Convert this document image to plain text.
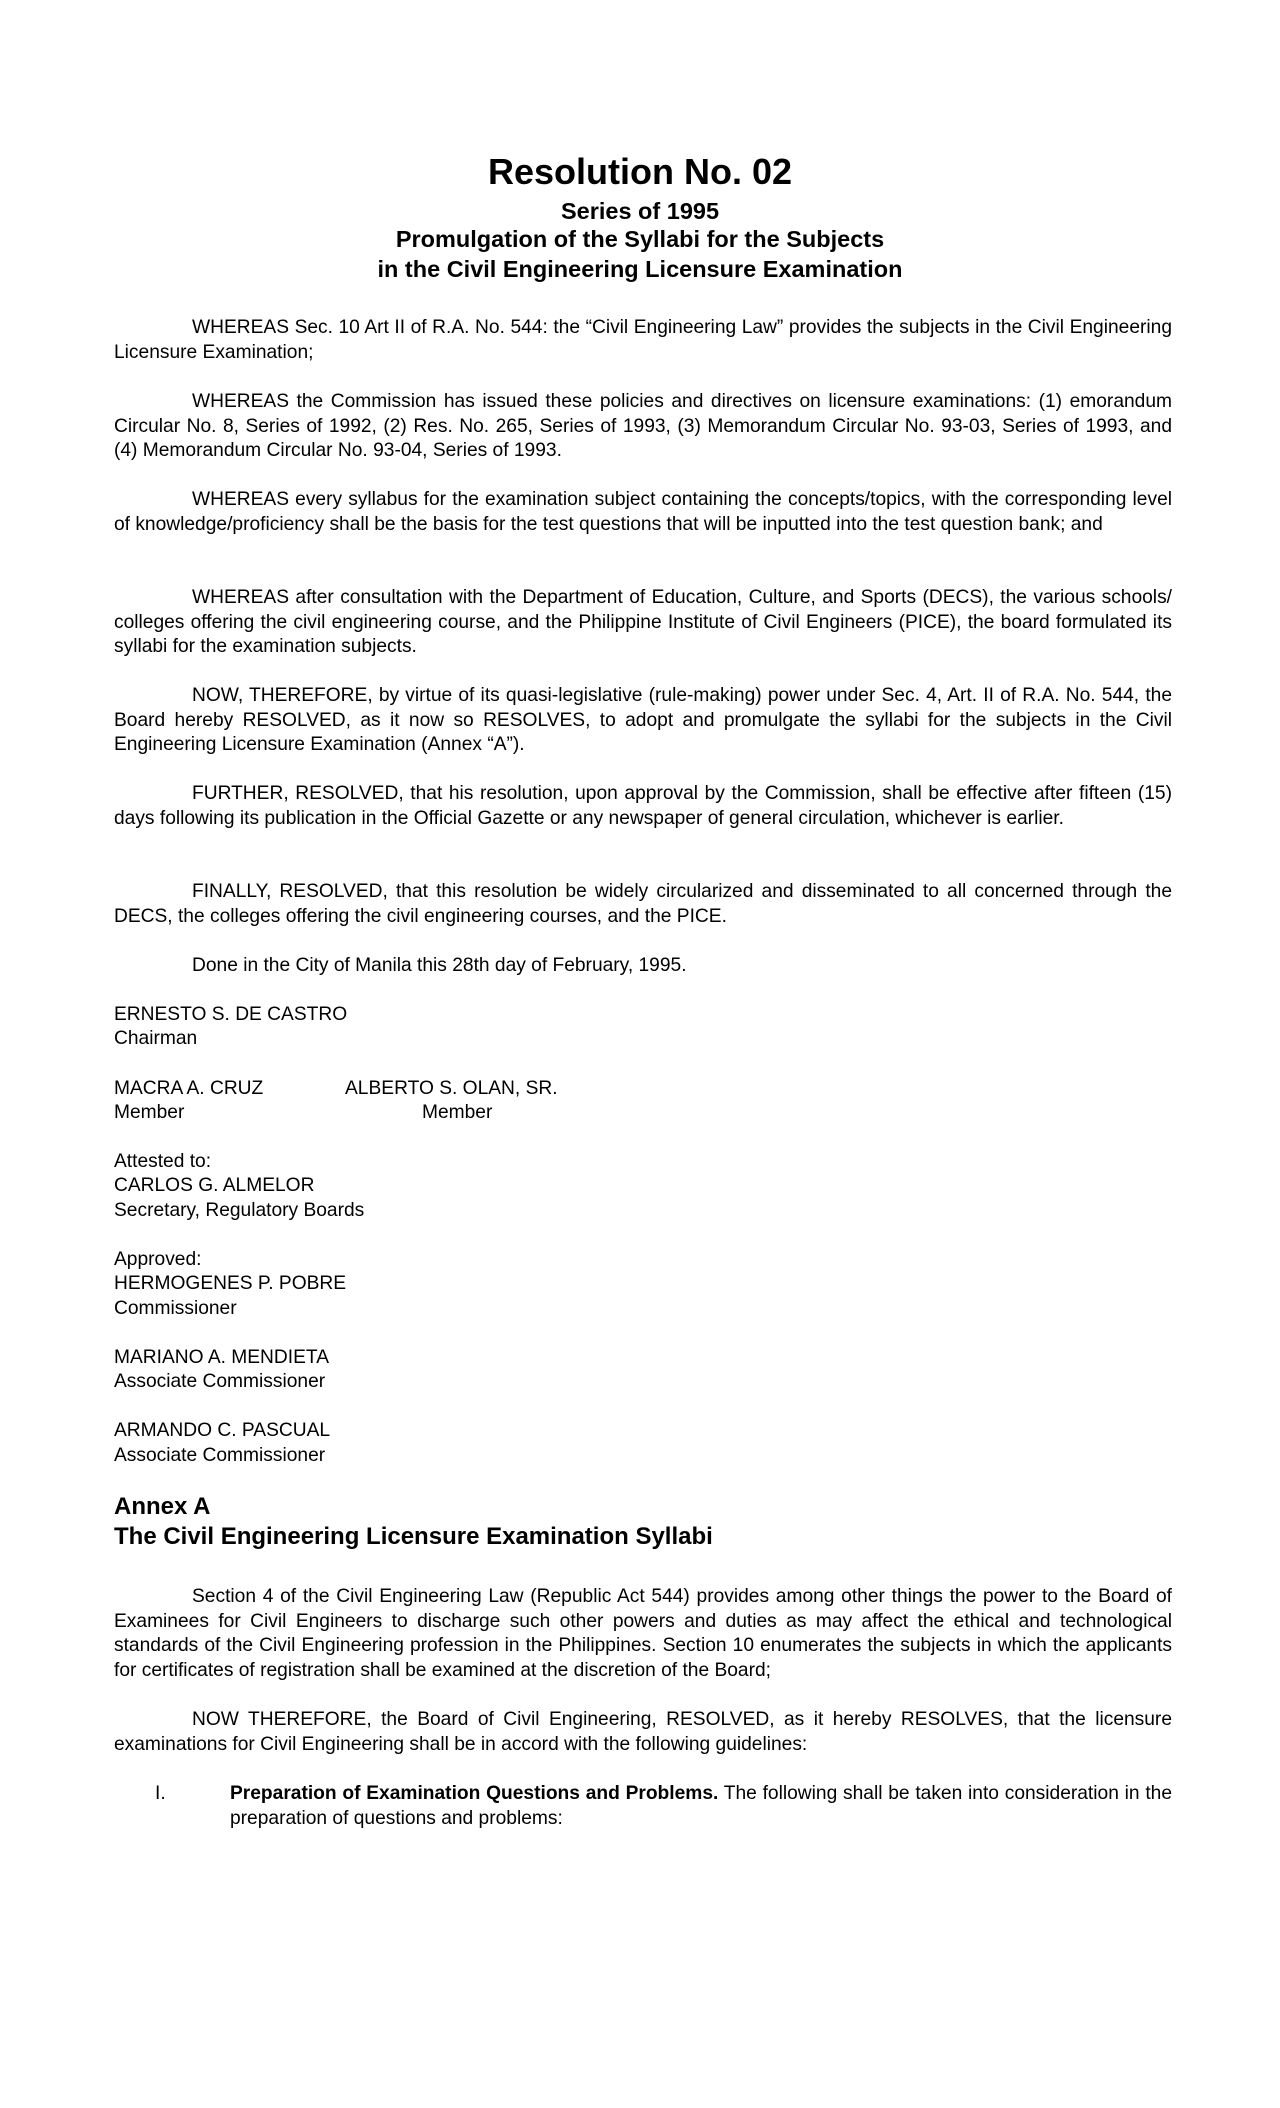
Resolution No. 02
Series of 1995
Promulgation of the Syllabi for the Subjects
in the Civil Engineering Licensure Examination

WHEREAS Sec. 10 Art II of R.A. No. 544: the “Civil Engineering Law” provides the subjects in the Civil Engineering Licensure Examination;

WHEREAS the Commission has issued these policies and directives on licensure examinations: (1) emorandum Circular No. 8, Series of 1992, (2) Res. No. 265, Series of 1993, (3) Memorandum Circular No. 93-03, Series of 1993, and (4) Memorandum Circular No. 93-04, Series of 1993.

WHEREAS every syllabus for the examination subject containing the concepts/topics, with the corresponding level of knowledge/proficiency shall be the basis for the test questions that will be inputted into the test question bank; and

WHEREAS after consultation with the Department of Education, Culture, and Sports (DECS), the various schools/ colleges offering the civil engineering course, and the Philippine Institute of Civil Engineers (PICE), the board formulated its syllabi for the examination subjects.

NOW, THEREFORE, by virtue of its quasi-legislative (rule-making) power under Sec. 4, Art. II of R.A. No. 544, the Board hereby RESOLVED, as it now so RESOLVES, to adopt and promulgate the syllabi for the subjects in the Civil Engineering Licensure Examination (Annex “A”).

FURTHER, RESOLVED, that his resolution, upon approval by the Commission, shall be effective after fifteen (15) days following its publication in the Official Gazette or any newspaper of general circulation, whichever is earlier.

FINALLY, RESOLVED, that this resolution be widely circularized and disseminated to all concerned through the DECS, the colleges offering the civil engineering courses, and the PICE.

Done in the City of Manila this 28th day of February, 1995.

ERNESTO S. DE CASTRO
Chairman
MACRA A. CRUZ
Member
ALBERTO S. OLAN, SR.
Member
Attested to:
CARLOS G. ALMELOR
Secretary, Regulatory Boards
Approved:
HERMOGENES P. POBRE
Commissioner
MARIANO A. MENDIETA
Associate Commissioner
ARMANDO C. PASCUAL
Associate Commissioner
Annex A
The Civil Engineering Licensure Examination Syllabi

Section 4 of the Civil Engineering Law (Republic Act 544) provides among other things the power to the Board of Examinees for Civil Engineers to discharge such other powers and duties as may affect the ethical and technological standards of the Civil Engineering profession in the Philippines. Section 10 enumerates the subjects in which the applicants for certificates of registration shall be examined at the discretion of the Board;

NOW THEREFORE, the Board of Civil Engineering, RESOLVED, as it hereby RESOLVES, that the licensure examinations for Civil Engineering shall be in accord with the following guidelines:

I.	Preparation of Examination Questions and Problems. The following shall be taken into consideration in the preparation of questions and problems:
